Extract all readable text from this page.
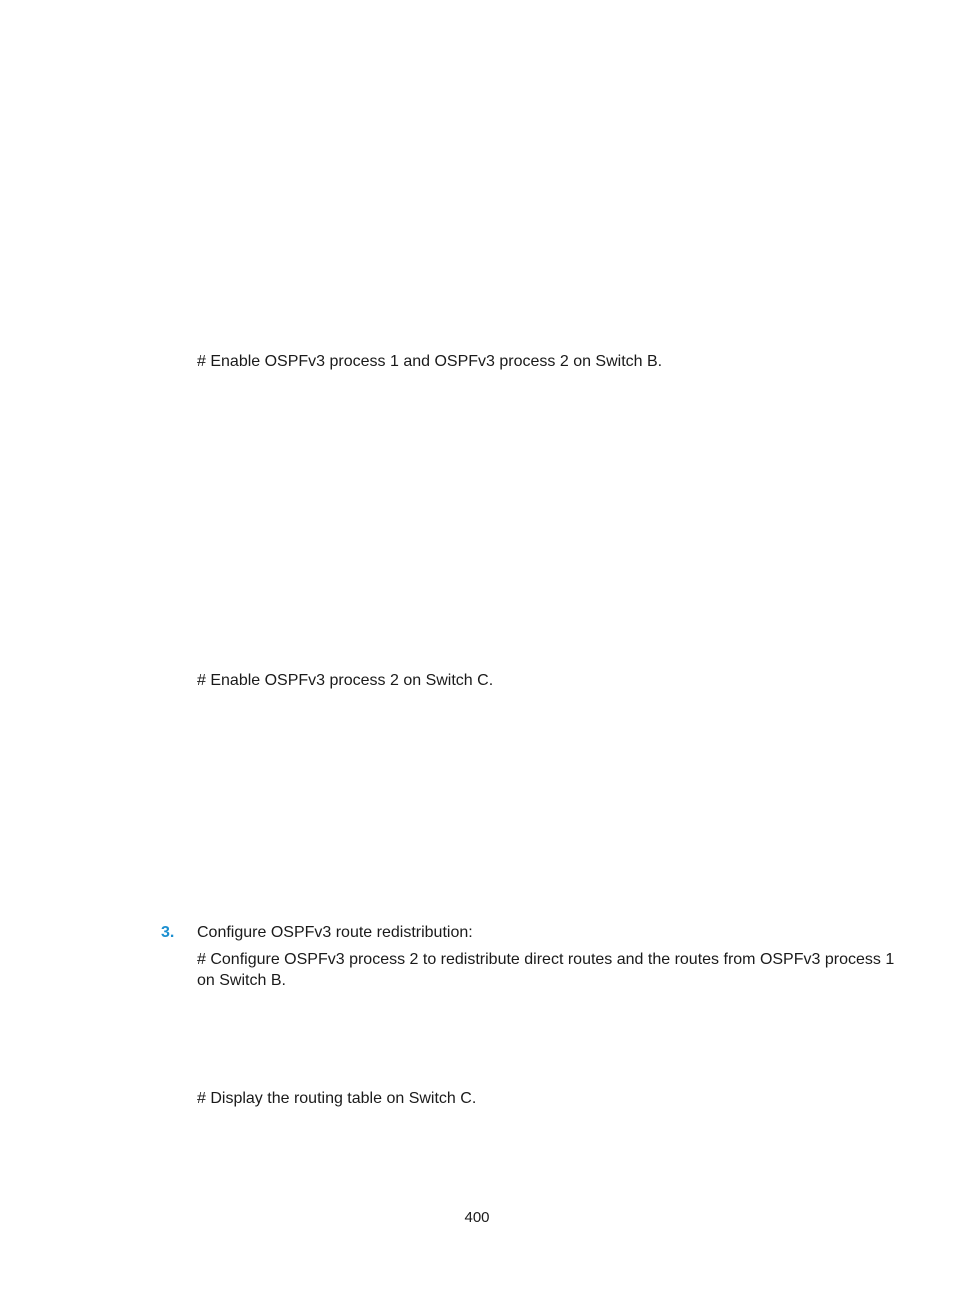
# Enable OSPFv3 process 1 and OSPFv3 process 2 on Switch B.
# Enable OSPFv3 process 2 on Switch C.
3. Configure OSPFv3 route redistribution:
# Configure OSPFv3 process 2 to redistribute direct routes and the routes from OSPFv3 process 1
on Switch B.
# Display the routing table on Switch C.
400
